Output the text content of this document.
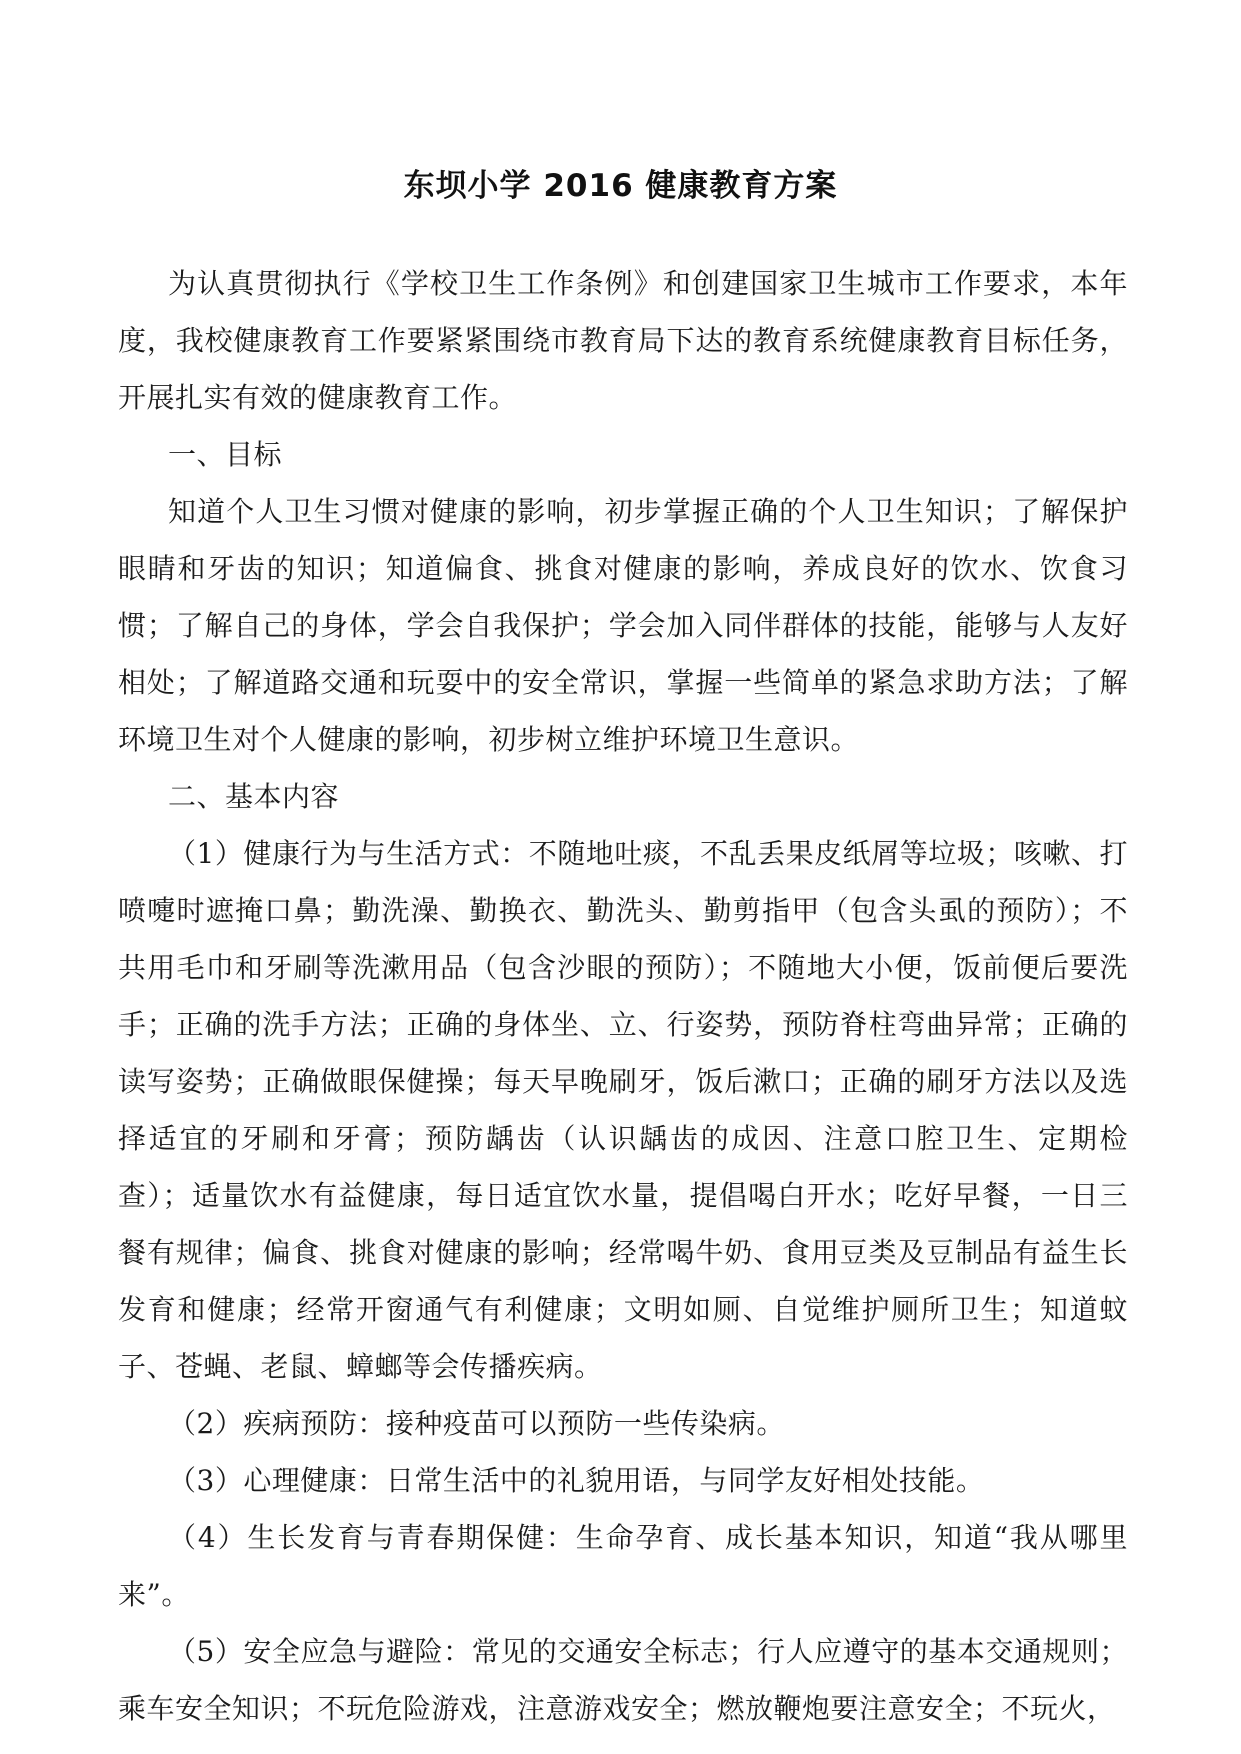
东坝小学 2016 健康教育方案

为认真贯彻执行《学校卫生工作条例》和创建国家卫生城市工作要求，本年度，我校健康教育工作要紧紧围绕市教育局下达的教育系统健康教育目标任务，开展扎实有效的健康教育工作。

一、目标

知道个人卫生习惯对健康的影响，初步掌握正确的个人卫生知识；了解保护眼睛和牙齿的知识；知道偏食、挑食对健康的影响，养成良好的饮水、饮食习惯；了解自己的身体，学会自我保护；学会加入同伴群体的技能，能够与人友好相处；了解道路交通和玩耍中的安全常识，掌握一些简单的紧急求助方法；了解环境卫生对个人健康的影响，初步树立维护环境卫生意识。

二、基本内容

（1）健康行为与生活方式：不随地吐痰，不乱丢果皮纸屑等垃圾；咳嗽、打喷嚏时遮掩口鼻；勤洗澡、勤换衣、勤洗头、勤剪指甲（包含头虱的预防）；不共用毛巾和牙刷等洗漱用品（包含沙眼的预防）；不随地大小便，饭前便后要洗手；正确的洗手方法；正确的身体坐、立、行姿势，预防脊柱弯曲异常；正确的读写姿势；正确做眼保健操；每天早晚刷牙，饭后漱口；正确的刷牙方法以及选择适宜的牙刷和牙膏；预防龋齿（认识龋齿的成因、注意口腔卫生、定期检查）；适量饮水有益健康，每日适宜饮水量，提倡喝白开水；吃好早餐，一日三餐有规律；偏食、挑食对健康的影响；经常喝牛奶、食用豆类及豆制品有益生长发育和健康；经常开窗通气有利健康；文明如厕、自觉维护厕所卫生；知道蚊子、苍蝇、老鼠、蟑螂等会传播疾病。

（2）疾病预防：接种疫苗可以预防一些传染病。

（3）心理健康：日常生活中的礼貌用语，与同学友好相处技能。

（4）生长发育与青春期保健：生命孕育、成长基本知识，知道“我从哪里来”。

（5）安全应急与避险：常见的交通安全标志；行人应遵守的基本交通规则；乘车安全知识；不玩危险游戏，注意游戏安全；燃放鞭炮要注意安全；不玩火，
